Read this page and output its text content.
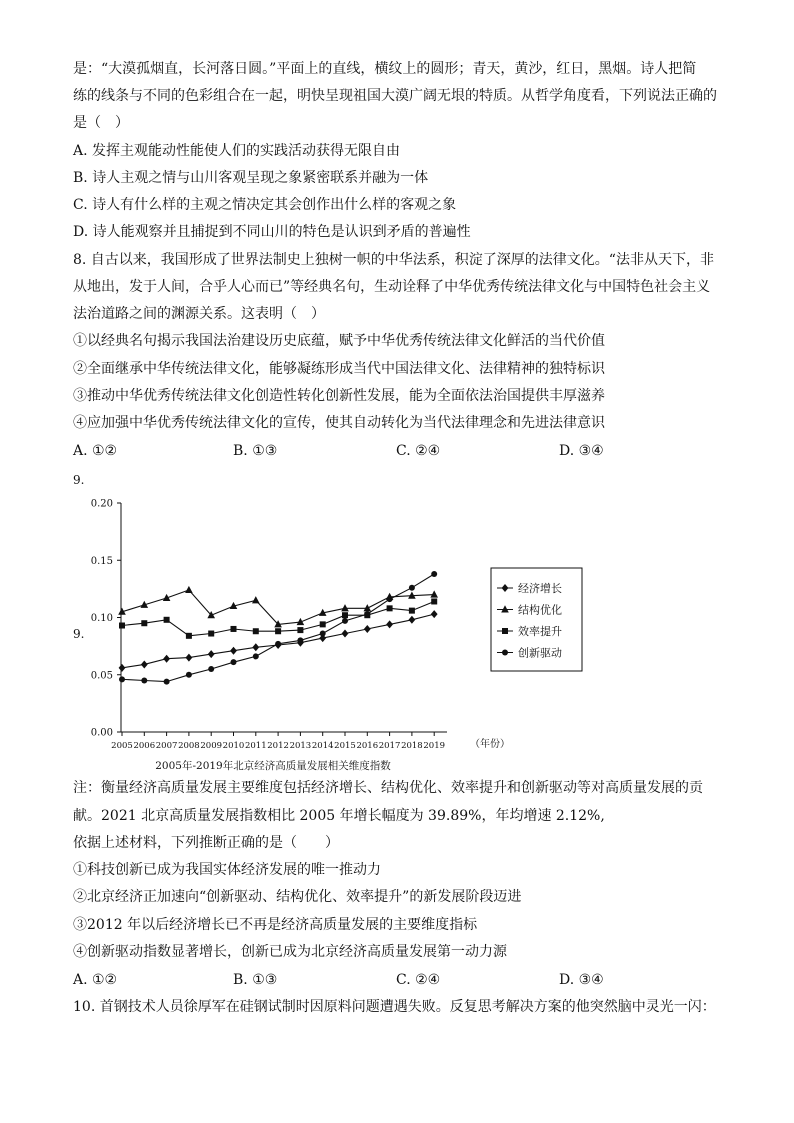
是：“大漠孤烟直，长河落日圆。”平面上的直线，横纹上的圆形；青天，黄沙，红日，黑烟。诗人把简
练的线条与不同的色彩组合在一起，明快呈现祖国大漠广阔无垠的特质。从哲学角度看，下列说法正确的
是（　）
A. 发挥主观能动性能使人们的实践活动获得无限自由
B. 诗人主观之情与山川客观呈现之象紧密联系并融为一体
C. 诗人有什么样的主观之情决定其会创作出什么样的客观之象
D. 诗人能观察并且捕捉到不同山川的特色是认识到矛盾的普遍性
8. 自古以来，我国形成了世界法制史上独树一帜的中华法系，积淀了深厚的法律文化。“法非从天下，非
从地出，发于人间，合乎人心而已”等经典名句，生动诠释了中华优秀传统法律文化与中国特色社会主义
法治道路之间的渊源关系。这表明（　）
①以经典名句揭示我国法治建设历史底蕴，赋予中华优秀传统法律文化鲜活的当代价值
②全面继承中华传统法律文化，能够凝练形成当代中国法律文化、法律精神的独特标识
③推动中华优秀传统法律文化创造性转化创新性发展，能为全面依法治国提供丰厚滋养
④应加强中华优秀传统法律文化的宣传，使其自动转化为当代法律理念和先进法律意识
A. ①②	B. ①③	C. ②④	D. ③④
9.
9.
0.00
0.05
0.10
0.15
0.20
2005 2006 2007 2008 2009 2010 2011 2012 2013 2014 2015 2016 2017 2018 2019
经济增长
结构优化
效率提升
创新驱动
2005年-2019年北京经济高质量发展相关维度指数
（年份）
注：衡量经济高质量发展主要维度包括经济增长、结构优化、效率提升和创新驱动等对高质量发展的贡
献。2021 北京高质量发展指数相比 2005 年增长幅度为 39.89%，年均增速 2.12%,
依据上述材料，下列推断正确的是（　　）
①科技创新已成为我国实体经济发展的唯一推动力
②北京经济正加速向“创新驱动、结构优化、效率提升”的新发展阶段迈进
③2012 年以后经济增长已不再是经济高质量发展的主要维度指标
④创新驱动指数显著增长，创新已成为北京经济高质量发展第一动力源
A. ①②	B. ①③	C. ②④	D. ③④
10. 首钢技术人员徐厚军在硅钢试制时因原料问题遭遇失败。反复思考解决方案的他突然脑中灵光一闪：
